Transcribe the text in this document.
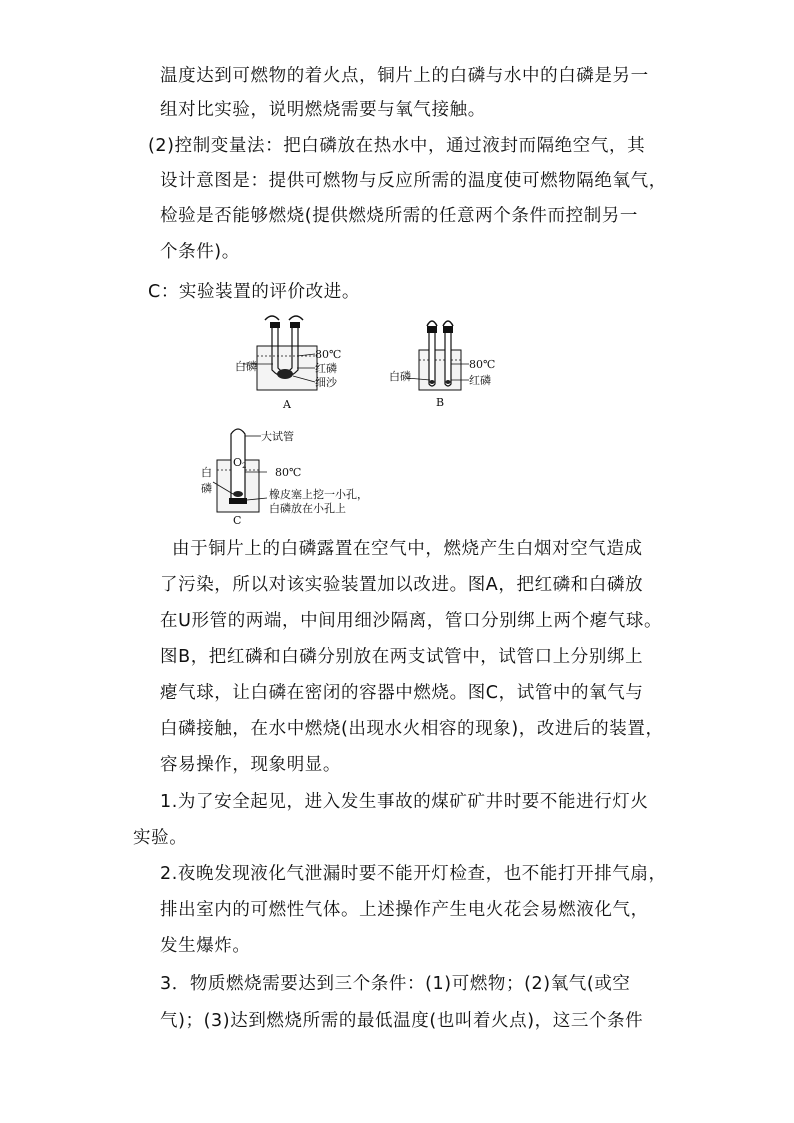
温度达到可燃物的着火点，铜片上的白磷与水中的白磷是另一
组对比实验，说明燃烧需要与氧气接触。
(2)控制变量法：把白磷放在热水中，通过液封而隔绝空气，其
设计意图是：提供可燃物与反应所需的温度使可燃物隔绝氧气，
检验是否能够燃烧(提供燃烧所需的任意两个条件而控制另一
个条件)。
C：实验装置的评价改进。
白磷
80℃
红磷
细沙
A
白磷
80℃
红磷
B
大试管
O2
白
磷
80℃
橡皮塞上挖一小孔，
白磷放在小孔上
C
由于铜片上的白磷露置在空气中，燃烧产生白烟对空气造成
了污染，所以对该实验装置加以改进。图A，把红磷和白磷放
在U形管的两端，中间用细沙隔离，管口分别绑上两个瘪气球。
图B，把红磷和白磷分别放在两支试管中，试管口上分别绑上
瘪气球，让白磷在密闭的容器中燃烧。图C，试管中的氧气与
白磷接触，在水中燃烧(出现水火相容的现象)，改进后的装置，
容易操作，现象明显。
1.为了安全起见，进入发生事故的煤矿矿井时要不能进行灯火
实验。
2.夜晚发现液化气泄漏时要不能开灯检查，也不能打开排气扇，
排出室内的可燃性气体。上述操作产生电火花会易燃液化气，
发生爆炸。
3．物质燃烧需要达到三个条件：(1)可燃物；(2)氧气(或空
气)；(3)达到燃烧所需的最低温度(也叫着火点)，这三个条件
